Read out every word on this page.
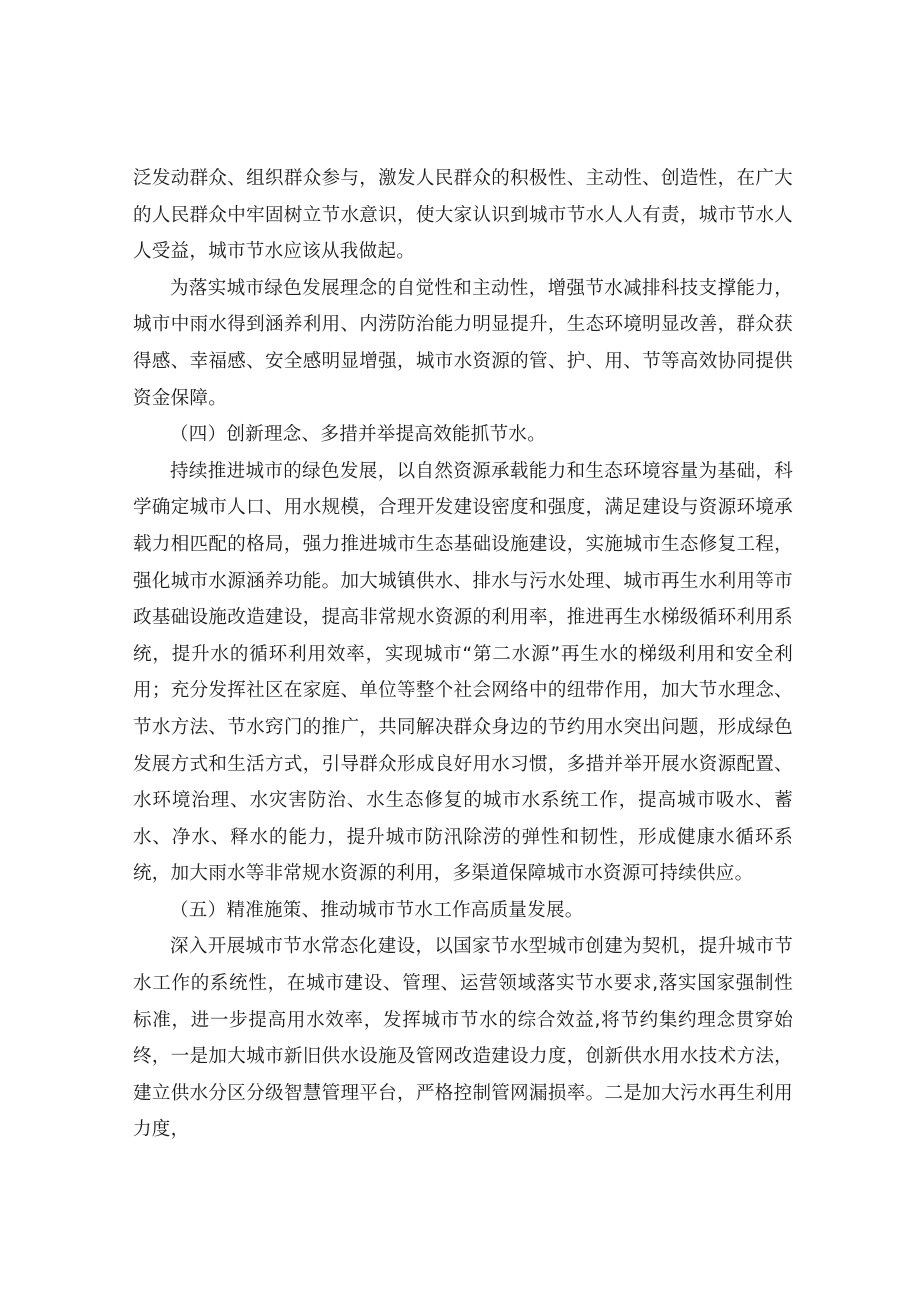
泛发动群众、组织群众参与，激发人民群众的积极性、主动性、创造性，在广大的人民群众中牢固树立节水意识，使大家认识到城市节水人人有责，城市节水人人受益，城市节水应该从我做起。

为落实城市绿色发展理念的自觉性和主动性，增强节水减排科技支撑能力，城市中雨水得到涵养利用、内涝防治能力明显提升，生态环境明显改善，群众获得感、幸福感、安全感明显增强，城市水资源的管、护、用、节等高效协同提供资金保障。

（四）创新理念、多措并举提高效能抓节水。

持续推进城市的绿色发展，以自然资源承载能力和生态环境容量为基础，科学确定城市人口、用水规模，合理开发建设密度和强度，满足建设与资源环境承载力相匹配的格局，强力推进城市生态基础设施建设，实施城市生态修复工程，强化城市水源涵养功能。加大城镇供水、排水与污水处理、城市再生水利用等市政基础设施改造建设，提高非常规水资源的利用率，推进再生水梯级循环利用系统，提升水的循环利用效率，实现城市“第二水源”再生水的梯级利用和安全利用；充分发挥社区在家庭、单位等整个社会网络中的纽带作用，加大节水理念、节水方法、节水窍门的推广，共同解决群众身边的节约用水突出问题，形成绿色发展方式和生活方式，引导群众形成良好用水习惯，多措并举开展水资源配置、水环境治理、水灾害防治、水生态修复的城市水系统工作，提高城市吸水、蓄水、净水、释水的能力，提升城市防汛除涝的弹性和韧性，形成健康水循环系统，加大雨水等非常规水资源的利用，多渠道保障城市水资源可持续供应。

（五）精准施策、推动城市节水工作高质量发展。

深入开展城市节水常态化建设，以国家节水型城市创建为契机，提升城市节水工作的系统性，在城市建设、管理、运营领域落实节水要求,落实国家强制性标准，进一步提高用水效率，发挥城市节水的综合效益,将节约集约理念贯穿始终，一是加大城市新旧供水设施及管网改造建设力度，创新供水用水技术方法，建立供水分区分级智慧管理平台，严格控制管网漏损率。二是加大污水再生利用力度，
